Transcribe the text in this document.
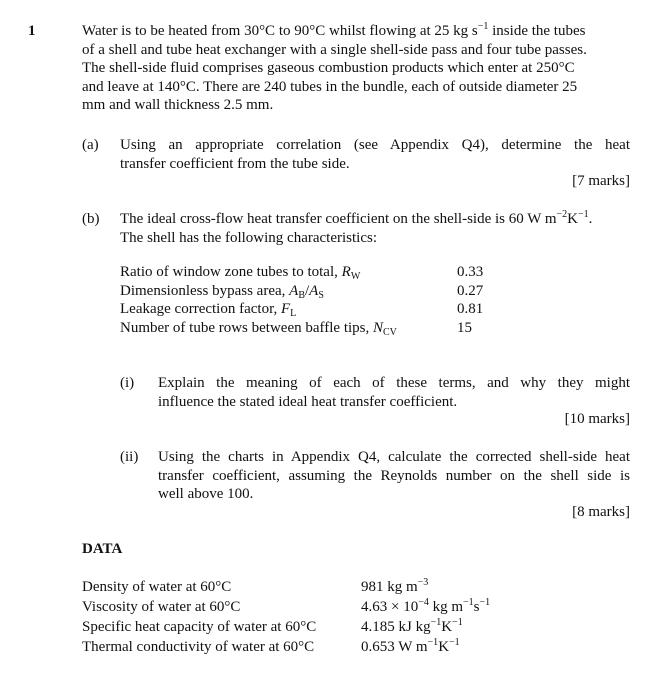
1	Water is to be heated from 30°C to 90°C whilst flowing at 25 kg $s^{-1}$ inside the tubes
of a shell and tube heat exchanger with a single shell-side pass and four tube passes.
The shell-side fluid comprises gaseous combustion products which enter at 250°C
and leave at 140°C. There are 240 tubes in the bundle, each of outside diameter 25
mm and wall thickness 2.5 mm.
(a) Using an appropriate correlation (see Appendix Q4), determine the heat
transfer coefficient from the tube side.
[7 marks]
(b) The ideal cross-flow heat transfer coefficient on the shell-side is 60 W $m^{-2}K^{-1}$.
The shell has the following characteristics:
Ratio of window zone tubes to total, $R_W$	0.33
Dimensionless bypass area, $A_B/A_S$	0.27
Leakage correction factor, $F_L$	0.81
Number of tube rows between baffle tips, $N_{CV}$	15
(i) Explain the meaning of each of these terms, and why they might
influence the stated ideal heat transfer coefficient.
[10 marks]
(ii) Using the charts in Appendix Q4, calculate the corrected shell-side heat
transfer coefficient, assuming the Reynolds number on the shell side is
well above 100.
[8 marks]
DATA
Density of water at 60°C	981 kg $m^{-3}$
Viscosity of water at 60°C	$4.63 \times 10^{-4}$ kg $m^{-1}s^{-1}$
Specific heat capacity of water at 60°C	4.185 kJ $kg^{-1}K^{-1}$
Thermal conductivity of water at 60°C	0.653 W $m^{-1}K^{-1}$
